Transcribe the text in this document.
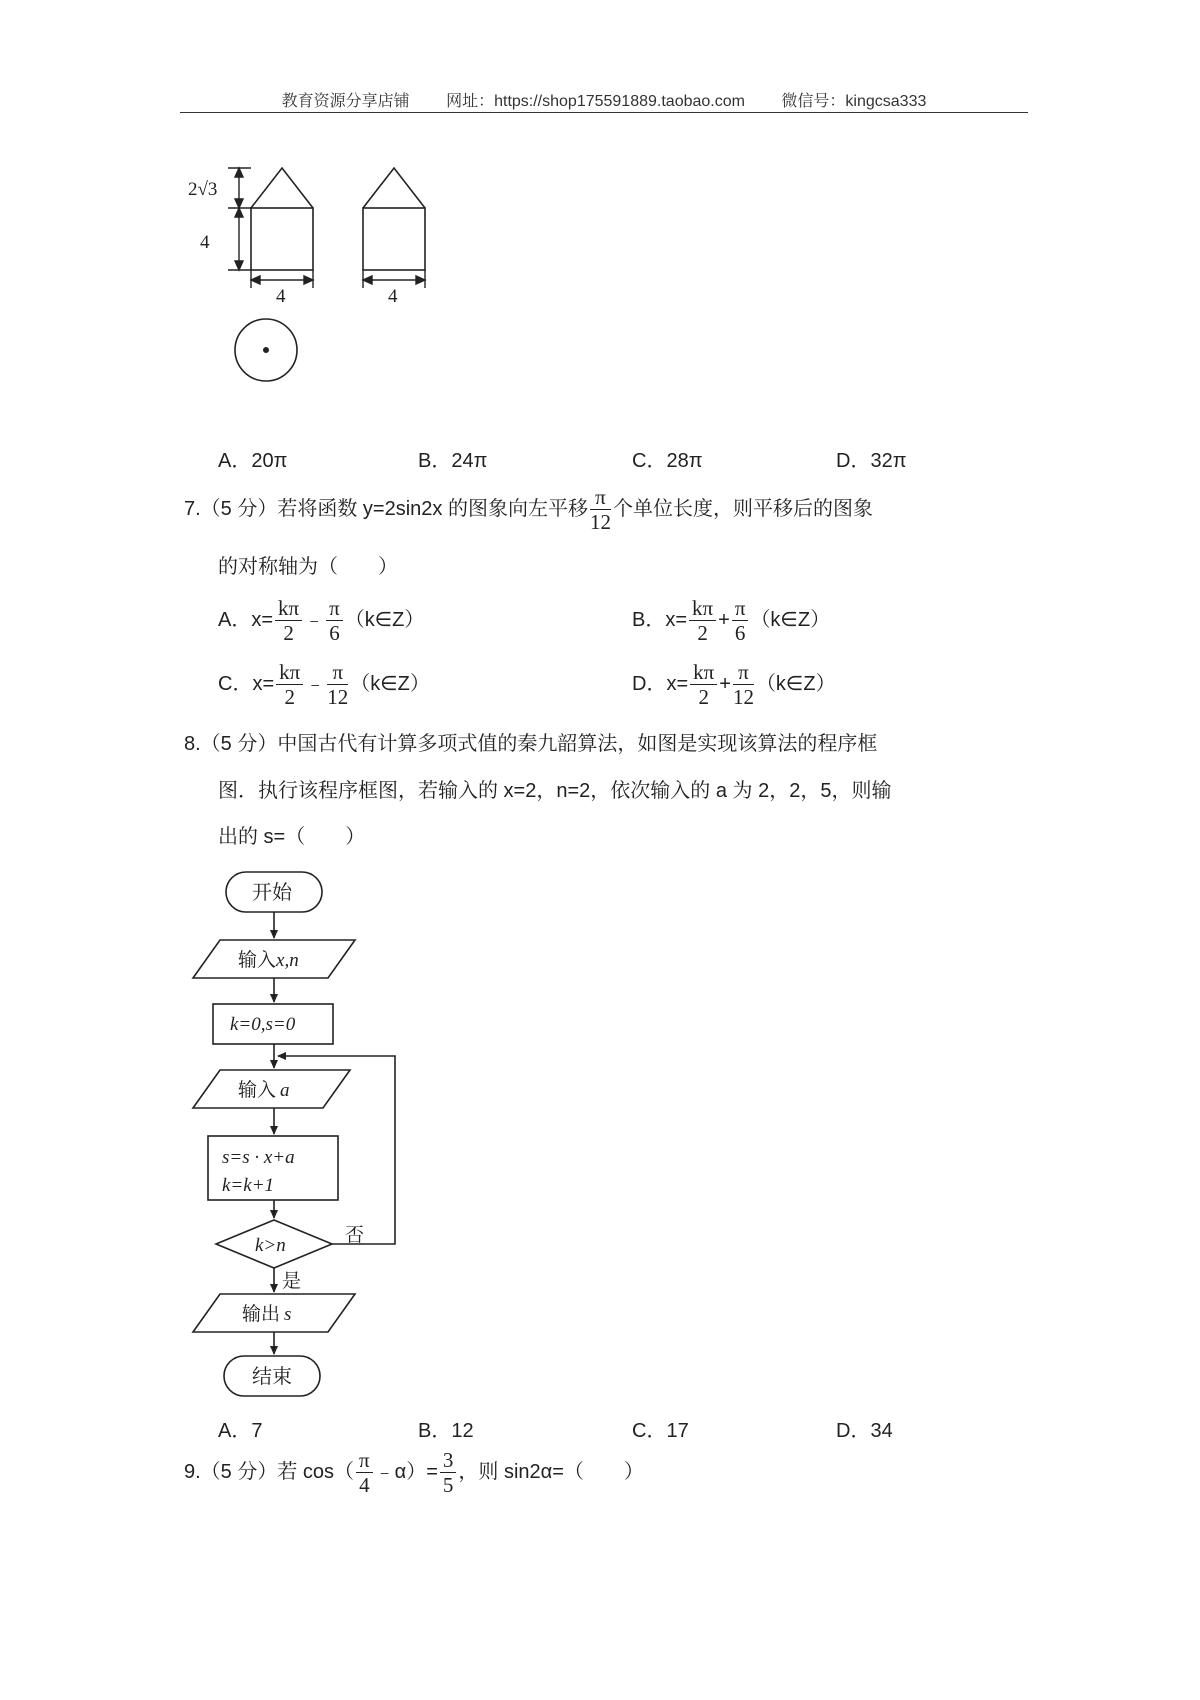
教育资源分享店铺 网址：https://shop175591889.taobao.com 微信号：kingcsa333
2√3
4
4	4
A．20π	B．24π	C．28π	D．32π
7.（5 分）若将函数 y=2sin2x 的图象向左平移 $\frac{\pi}{12}$ 个单位长度，则平移后的图象
的对称轴为（　　）
A．$x= \frac{k\pi}{2}$ ﹣ $\frac{\pi}{6}$ （k∈Z）	B．$x= \frac{k\pi}{2} + \frac{\pi}{6}$ （k∈Z）
C．$x= \frac{k\pi}{2}$ ﹣ $\frac{\pi}{12}$ （k∈Z）	D．$x= \frac{k\pi}{2} + \frac{\pi}{12}$ （k∈Z）
8.（5 分）中国古代有计算多项式值的秦九韶算法，如图是实现该算法的程序框
图．执行该程序框图，若输入的 x=2，n=2，依次输入的 a 为 2，2，5，则输
出的 s=（　　）
开始
输入x,n
k=0,s=0
输入 a
s=s · x+a
k=k+1
k>n	否
是
输出 s
结束
A．7	B．12	C．17	D．34
9.（5 分）若 $\cos( \frac{\pi}{4}$ ﹣α）= $\frac{3}{5}$ ，则 sin2α=（　　）
